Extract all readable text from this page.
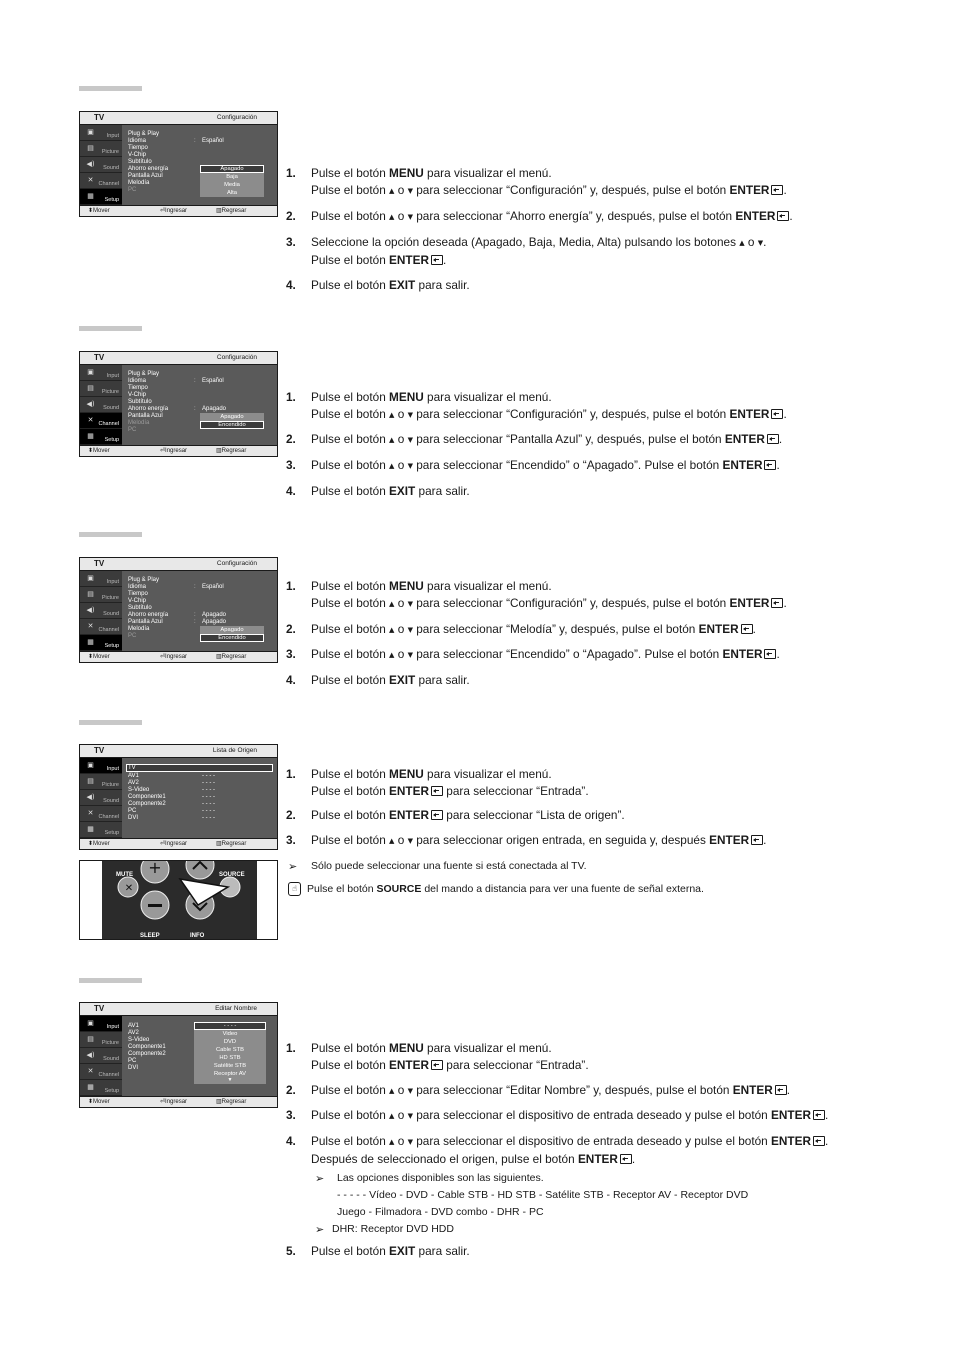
TV	Configuración
▣	Input
▤	Picture
◀)	Sound
✕ Channel
▦	Setup
Plug & Play
Idioma	: Español
Tiempo
V-Chip
Subtítulo
Ahorro energía
Pantalla Azul
Melodía
PC
Apagado
Baja
Media
Alta
⬍Mover	⏎Ingresar	▥Regresar
1. Pulse el botón MENU para visualizar el menú.
Pulse el botón ▲ o ▼ para seleccionar “Configuración” y, después, pulse el botón ENTER .
2. Pulse el botón ▲ o ▼ para seleccionar “Ahorro energía” y, después, pulse el botón ENTER .
3. Seleccione la opción deseada (Apagado, Baja, Media, Alta) pulsando los botones ▲ o ▼.
Pulse el botón ENTER .
4. Pulse el botón EXIT para salir.
TV	Configuración
▣	Input
▤	Picture
◀)	Sound
✕ Channel
▦	Setup
Plug & Play
Idioma	: Español
Tiempo
V-Chip
Subtítulo
Ahorro energía	: Apagado
Pantalla Azul
Melodía
PC
Apagado
Encendido
⬍Mover	⏎Ingresar	▥Regresar
1. Pulse el botón MENU para visualizar el menú.
Pulse el botón ▲ o ▼ para seleccionar “Configuración” y, después, pulse el botón ENTER .
2. Pulse el botón ▲ o ▼ para seleccionar “Pantalla Azul” y, después, pulse el botón ENTER .
3. Pulse el botón ▲ o ▼ para seleccionar “Encendido” o “Apagado”. Pulse el botón ENTER .
4. Pulse el botón EXIT para salir.
TV	Configuración
▣	Input
▤	Picture
◀)	Sound
✕ Channel
▦	Setup
Plug & Play
Idioma	: Español
Tiempo
V-Chip
Subtítulo
Ahorro energía	: Apagado
Pantalla Azul	: Apagado
Melodía
PC
Apagado
Encendido
⬍Mover	⏎Ingresar	▥Regresar
1. Pulse el botón MENU para visualizar el menú.
Pulse el botón ▲ o ▼ para seleccionar “Configuración” y, después, pulse el botón ENTER .
2. Pulse el botón ▲ o ▼ para seleccionar “Melodía” y, después, pulse el botón ENTER .
3. Pulse el botón ▲ o ▼ para seleccionar “Encendido” o “Apagado”. Pulse el botón ENTER .
4. Pulse el botón EXIT para salir.
TV	Lista de Origen
▣	Input
▤	Picture
◀)	Sound
✕ Channel
▦	Setup
TV
AV1	- - - -
AV2	- - - -
S-Video	- - - -
Componente1	- - - -
Componente2	- - - -
PC	- - - -
DVI	- - - -
⬍Mover	⏎Ingresar	▥Regresar
+
✕
MUTE	SOURCE
SLEEP	INFO
1. Pulse el botón MENU para visualizar el menú.
Pulse el botón ENTER para seleccionar “Entrada”.
2. Pulse el botón ENTER para seleccionar “Lista de origen”.
3. Pulse el botón ▲ o ▼ para seleccionar origen entrada, en seguida y, después ENTER .
➢ Sólo puede seleccionar una fuente si está conectada al TV.
☝ Pulse el botón SOURCE del mando a distancia para ver una fuente de señal externa.
TV	Editar Nombre
▣	Input
▤	Picture
◀)	Sound
✕ Channel
▦	Setup
AV1
AV2
S-Video
Componente1
Componente2
PC
DVI
- - - -
Video
DVD
Cable STB
HD STB
Satélite STB
Receptor AV
▼
⬍Mover	⏎Ingresar	▥Regresar
1. Pulse el botón MENU para visualizar el menú.
Pulse el botón ENTER para seleccionar “Entrada”.
2. Pulse el botón ▲ o ▼ para seleccionar “Editar Nombre” y, después, pulse el botón ENTER .
3. Pulse el botón ▲ o ▼ para seleccionar el dispositivo de entrada deseado y pulse el botón ENTER .
4. Pulse el botón ▲ o ▼ para seleccionar el dispositivo de entrada deseado y pulse el botón ENTER .
Después de seleccionado el origen, pulse el botón ENTER .
➢ Las opciones disponibles son las siguientes.
- - - - - Vídeo - DVD - Cable STB - HD STB - Satélite STB - Receptor AV - Receptor DVD
Juego - Filmadora - DVD combo - DHR - PC
➢ DHR: Receptor DVD HDD
5. Pulse el botón EXIT para salir.
